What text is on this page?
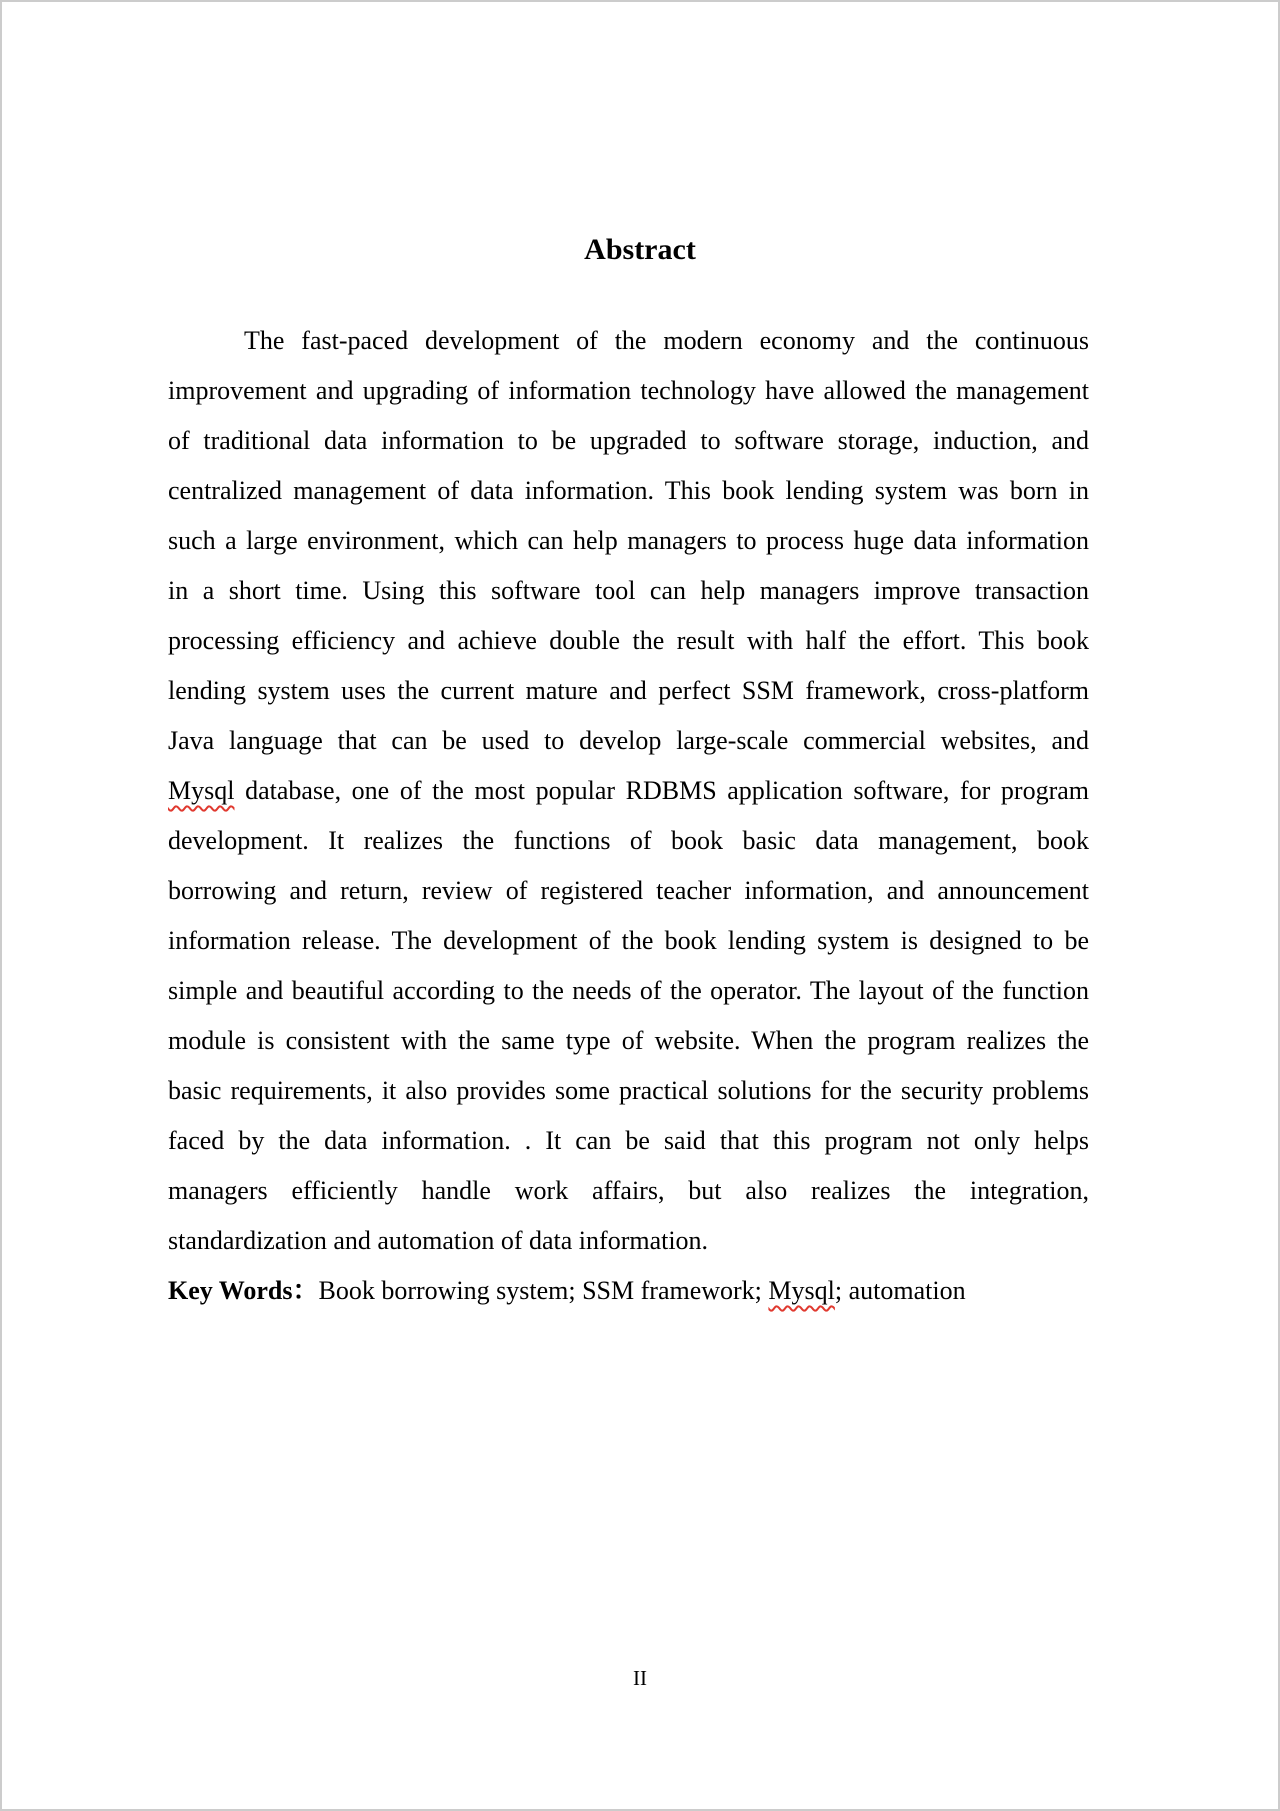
Abstract
The fast-paced development of the modern economy and the continuous
improvement and upgrading of information technology have allowed the management
of traditional data information to be upgraded to software storage, induction, and
centralized management of data information. This book lending system was born in
such a large environment, which can help managers to process huge data information
in a short time. Using this software tool can help managers improve transaction
processing efficiency and achieve double the result with half the effort. This book
lending system uses the current mature and perfect SSM framework, cross-platform
Java language that can be used to develop large-scale commercial websites, and
Mysql database, one of the most popular RDBMS application software, for program
development. It realizes the functions of book basic data management, book
borrowing and return, review of registered teacher information, and announcement
information release. The development of the book lending system is designed to be
simple and beautiful according to the needs of the operator. The layout of the function
module is consistent with the same type of website. When the program realizes the
basic requirements, it also provides some practical solutions for the security problems
faced by the data information. . It can be said that this program not only helps
managers efficiently handle work affairs, but also realizes the integration,
standardization and automation of data information.
Key Words：Book borrowing system; SSM framework; Mysql; automation
II
